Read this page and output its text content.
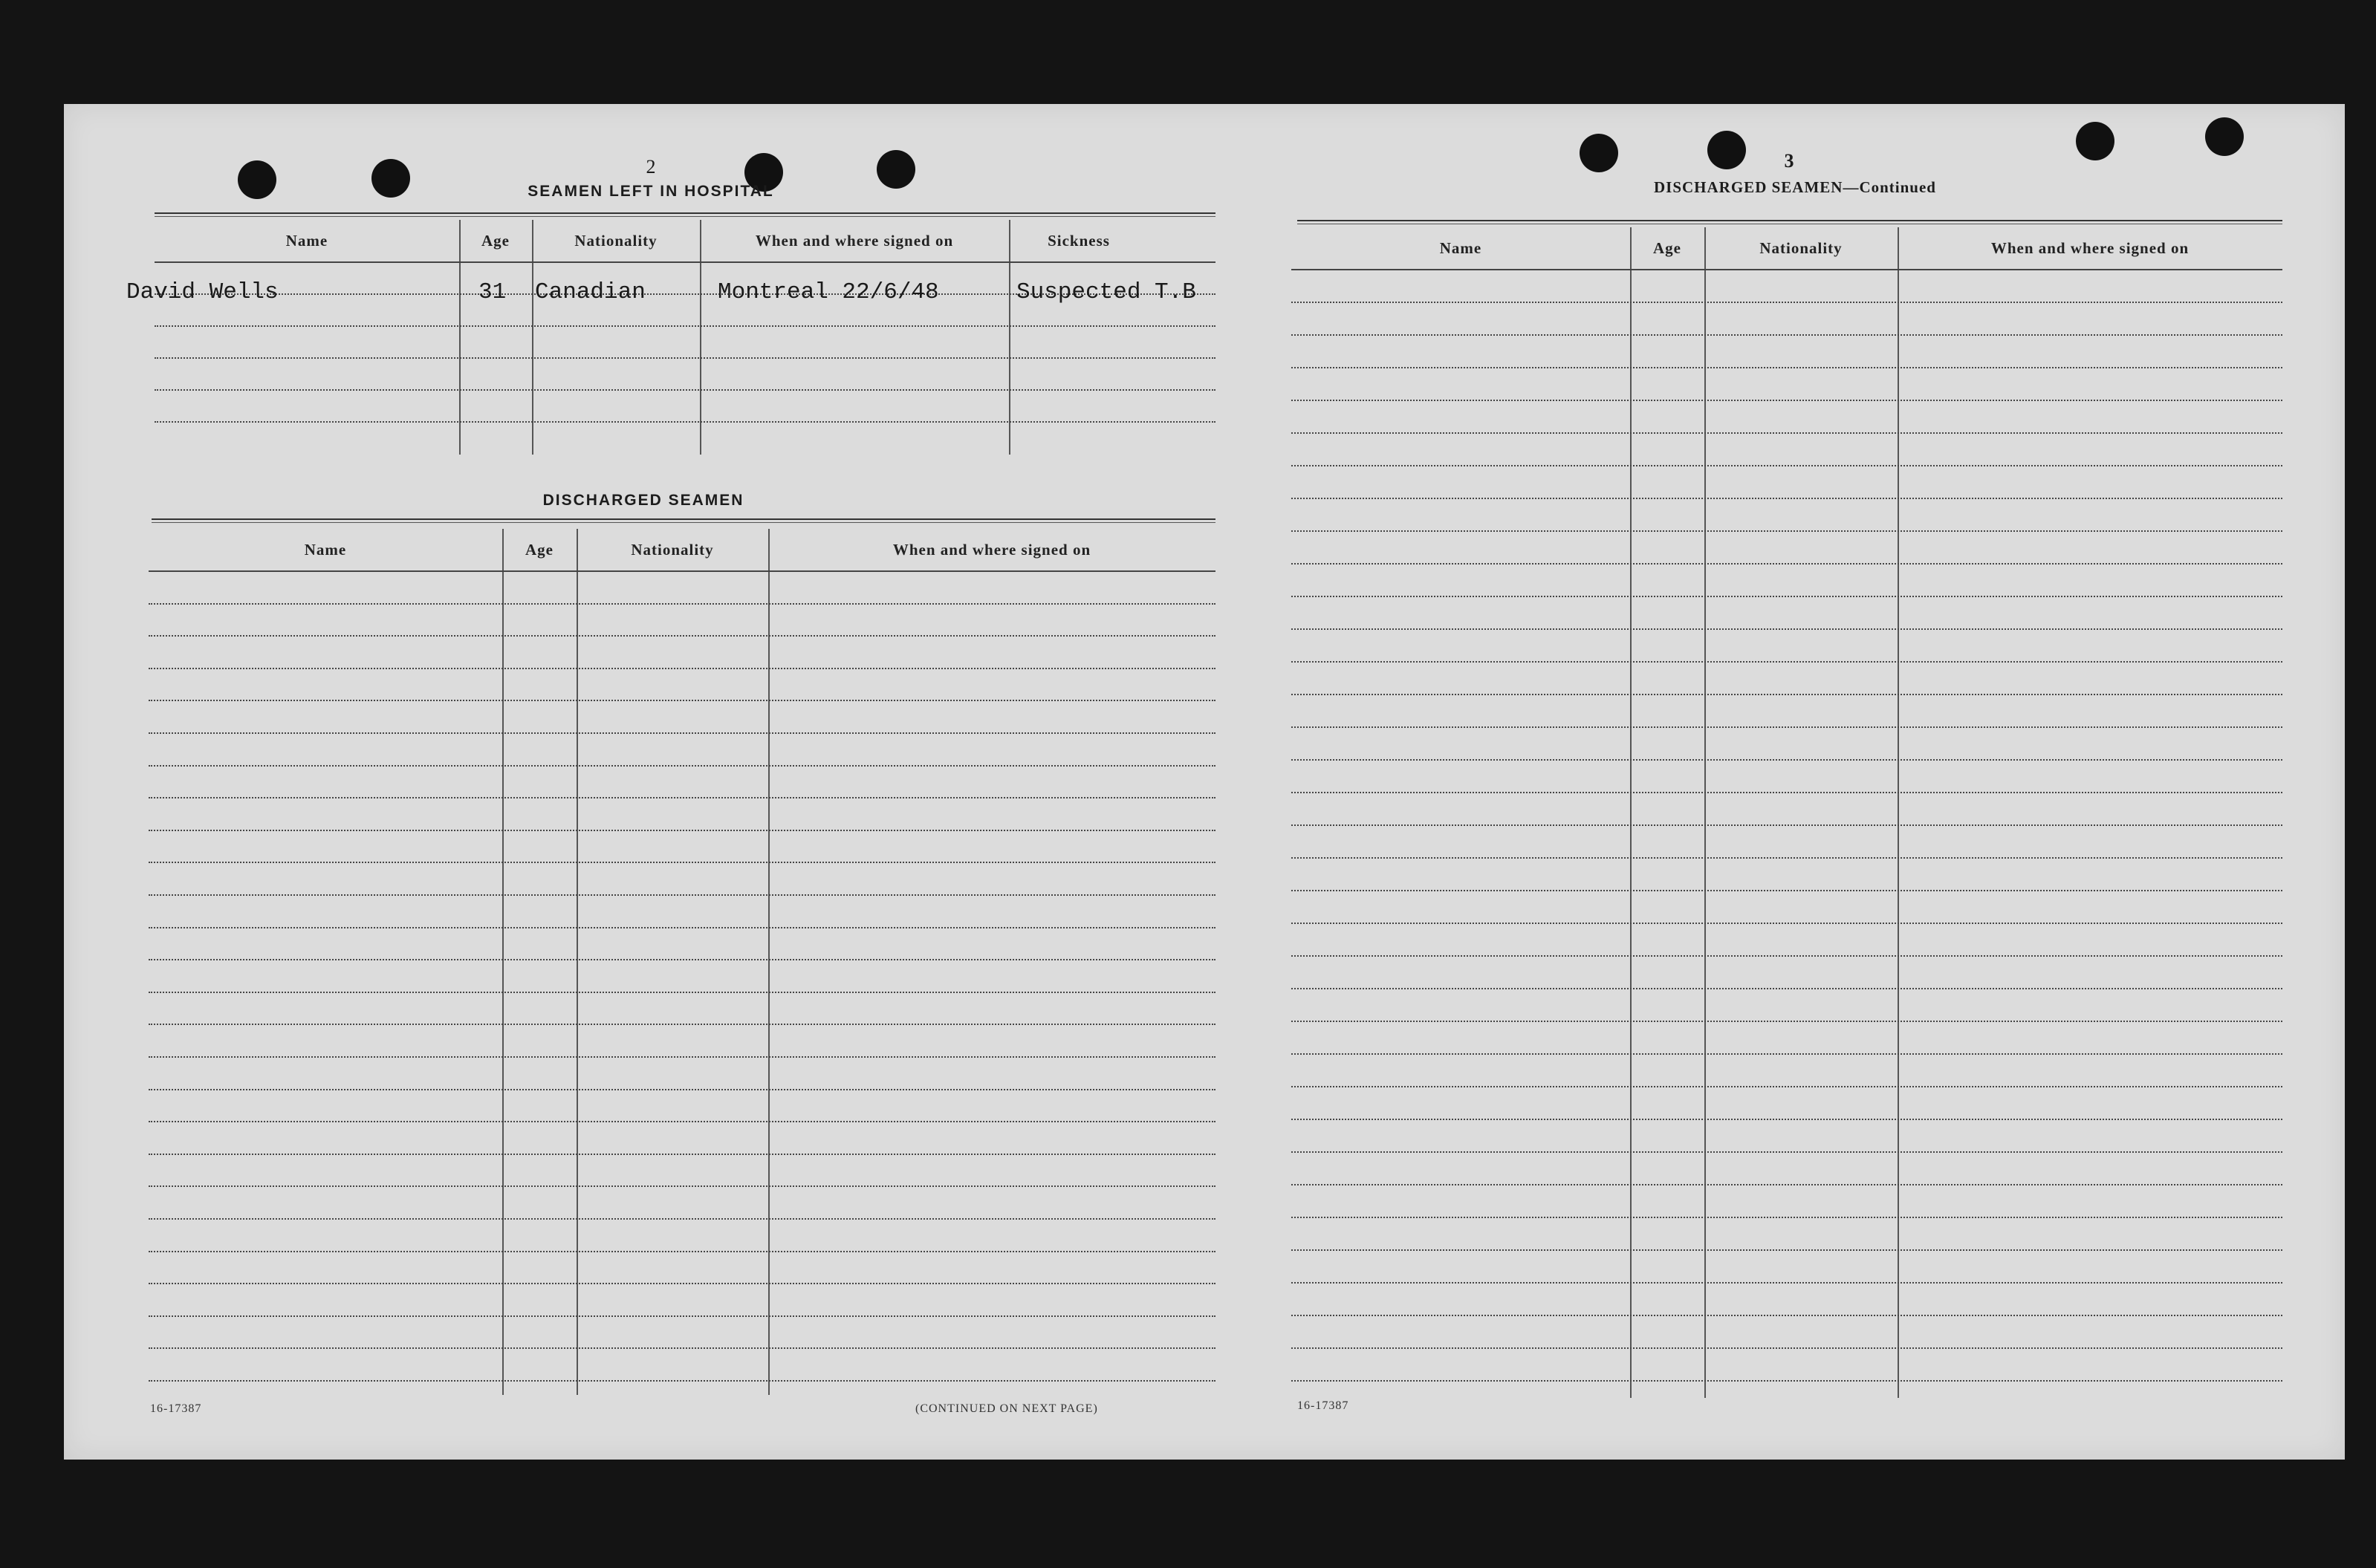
2
SEAMEN LEFT IN HOSPITAL
Name	Age	Nationality	When and where signed on	Sickness
David Wells	31 Canadian	Montreal 22/6/48	Suspected T.B
DISCHARGED SEAMEN
Name	Age	Nationality	When and where signed on
16-17387	(CONTINUED ON NEXT PAGE)
3
DISCHARGED SEAMEN—Continued
Name	Age	Nationality	When and where signed on
16-17387
